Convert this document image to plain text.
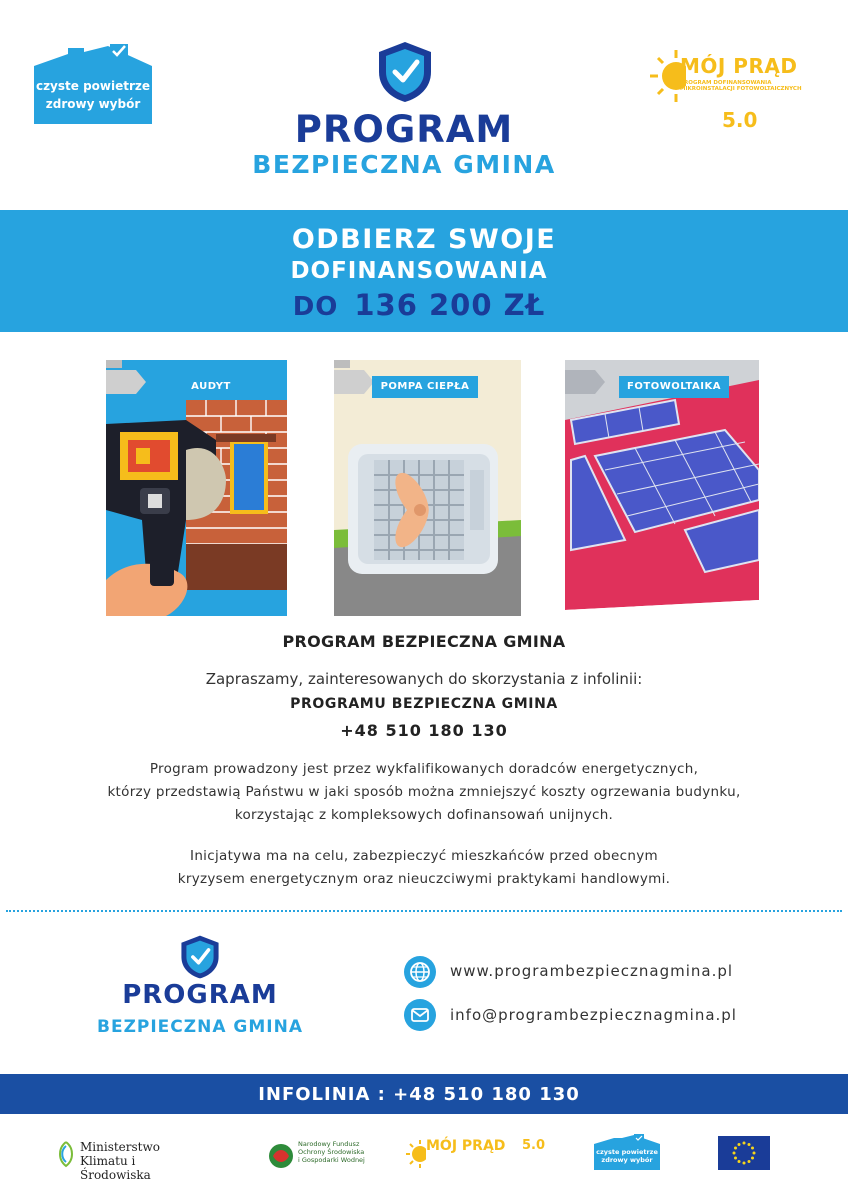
czyste powietrze
zdrowy wybór
PROGRAM
BEZPIECZNA GMINA
MÓJ PRĄD
PROGRAM DOFINANSOWANIA MIKROINSTALACJI FOTOWOLTAICZNYCH
5.0
ODBIERZ SWOJE
DOFINANSOWANIA
DO 136 200 ZŁ
AUDYT	POMPA CIEPŁA	FOTOWOLTAIKA
PROGRAM BEZPIECZNA GMINA
Zapraszamy, zainteresowanych do skorzystania z infolinii:
PROGRAMU BEZPIECZNA GMINA
+48 510 180 130
Program prowadzony jest przez wykfalifikowanych doradców energetycznych,
którzy przedstawią Państwu w jaki sposób można zmniejszyć koszty ogrzewania budynku,
korzystając z kompleksowych dofinansowań unijnych.
Inicjatywa ma na celu, zabezpieczyć mieszkańców przed obecnym
kryzysem energetycznym oraz nieuczciwymi praktykami handlowymi.
PROGRAM
BEZPIECZNA GMINA
www.programbezpiecznagmina.pl
info@programbezpiecznagmina.pl
INFOLINIA : +48 510 180 130
Ministerstwo
Klimatu i Środowiska
Narodowy Fundusz
Ochrony Środowiska
i Gospodarki Wodnej
MÓJ PRĄD 5.0	czyste powietrze
zdrowy wybór
